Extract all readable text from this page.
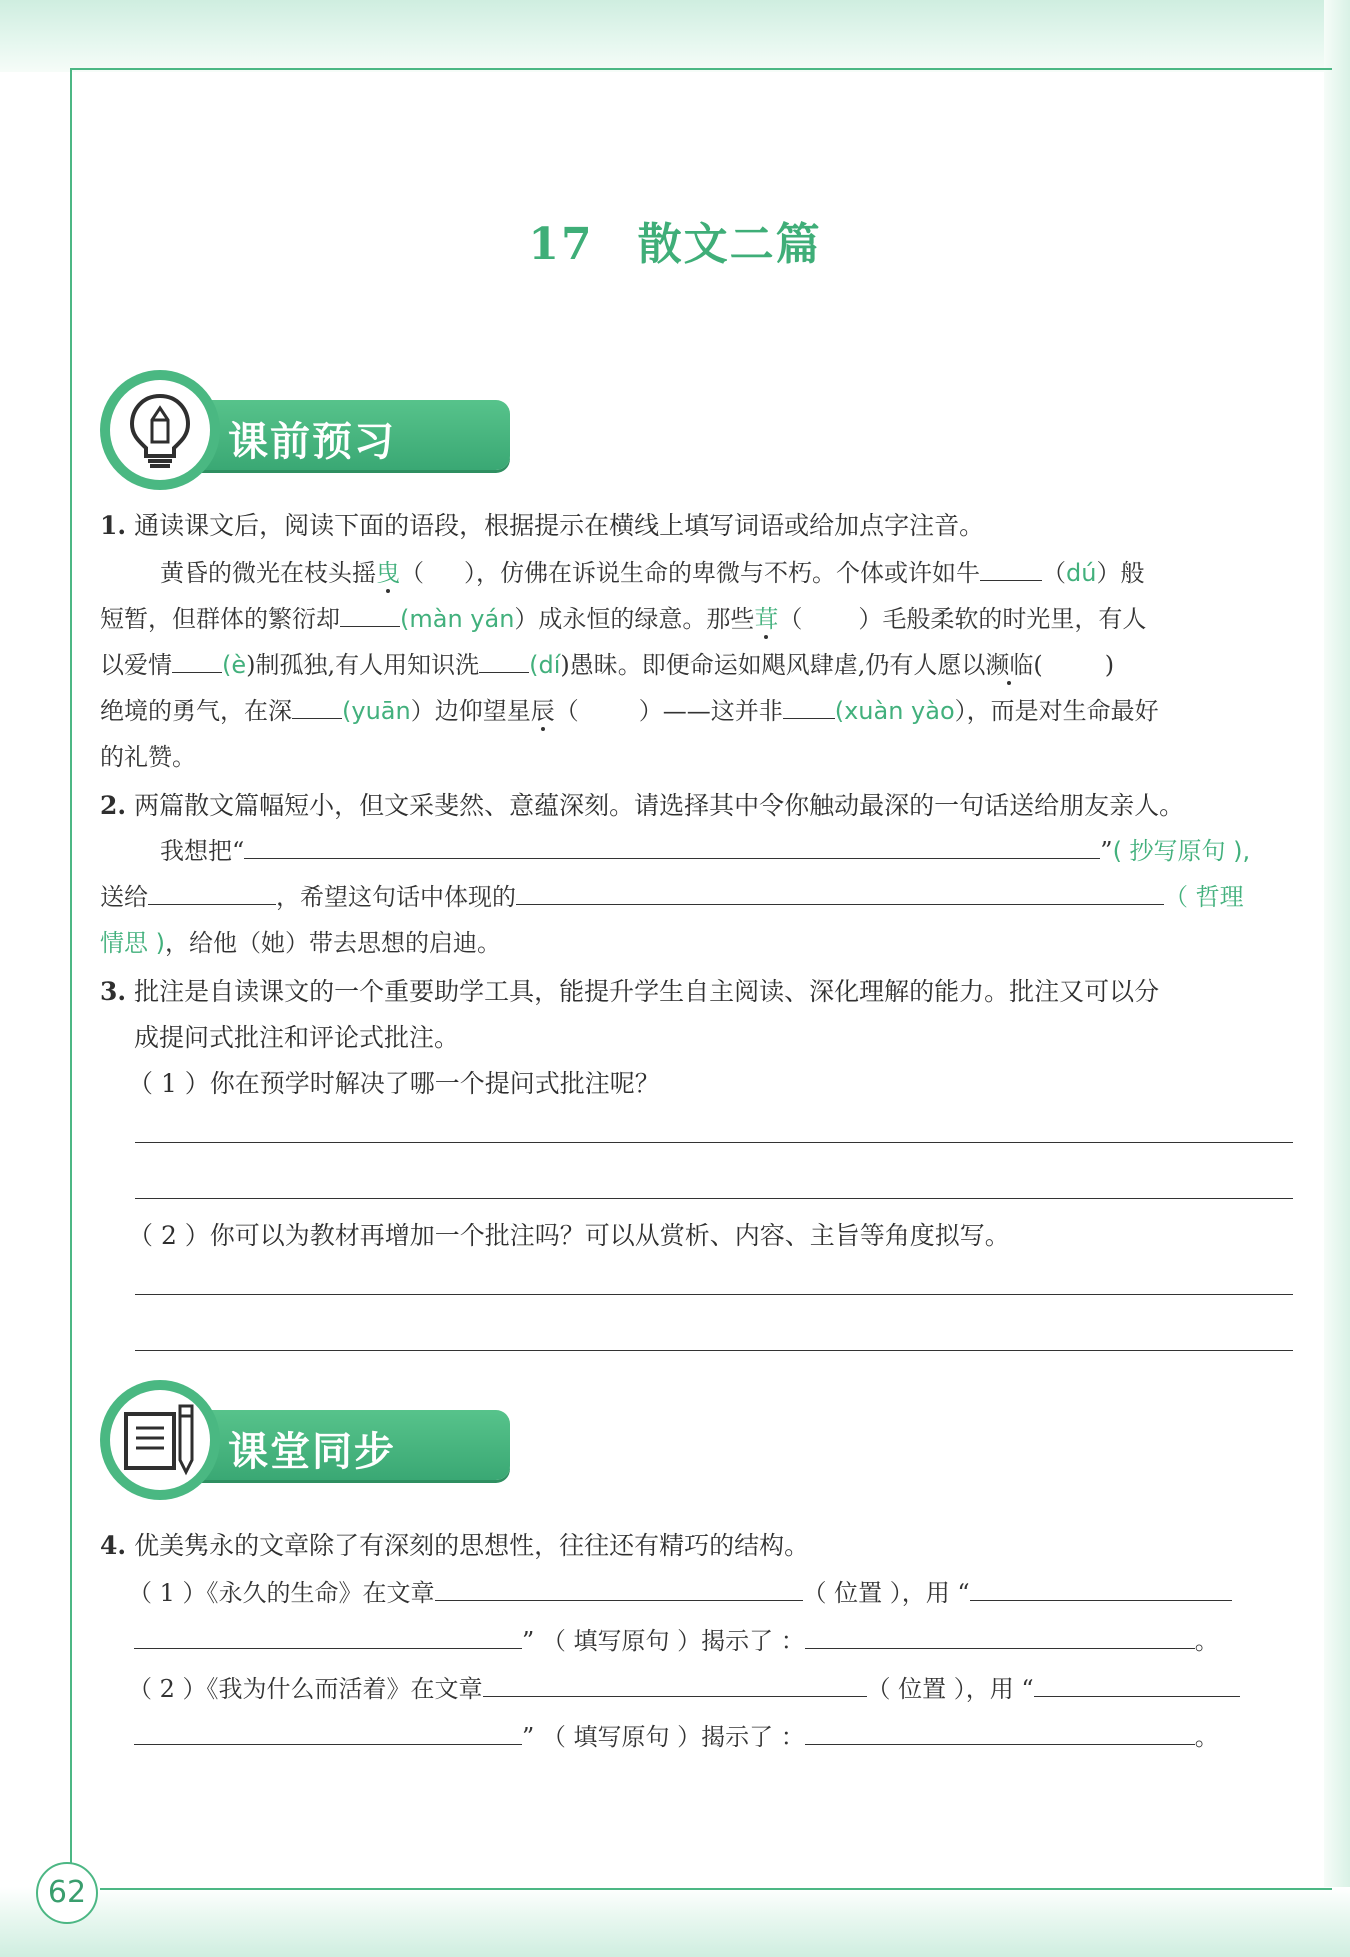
62
17 散文二篇
课前预习
1. 通读课文后，阅读下面的语段，根据提示在横线上填写词语或给加点字注音。
黄昏的微光在枝头摇曳（ ），仿佛在诉说生命的卑微与不朽。个体或许如牛	（dú）般
短暂，但群体的繁衍却	(màn yán）成永恒的绿意。那些茸（ ）毛般柔软的时光里，有人
以爱情 (è)制孤独,有人用知识洗 (dí)愚昧。即便命运如飓风肆虐,仍有人愿以濒临(	)
绝境的勇气，在深 (yuān）边仰望星辰（	）——这并非 (xuàn yào），而是对生命最好
的礼赞。
2. 两篇散文篇幅短小，但文采斐然、意蕴深刻。请选择其中令你触动最深的一句话送给朋友亲人。
我想把“	”( 抄写原句 ),
送给	，希望这句话中体现的	（ 哲理
情思 )，给他（她）带去思想的启迪。
3. 批注是自读课文的一个重要助学工具，能提升学生自主阅读、深化理解的能力。批注又可以分
成提问式批注和评论式批注。
（ 1 ）你在预学时解决了哪一个提问式批注呢？
（ 2 ）你可以为教材再增加一个批注吗？可以从赏析、内容、主旨等角度拟写。
课堂同步
4. 优美隽永的文章除了有深刻的思想性，往往还有精巧的结构。
（ 1 ）《永久的生命》在文章	（ 位置 ），用 “
” （ 填写原句 ）揭示了 ：	。
（ 2 ）《我为什么而活着》在文章	（ 位置 ），用 “
” （ 填写原句 ）揭示了 ：	。
